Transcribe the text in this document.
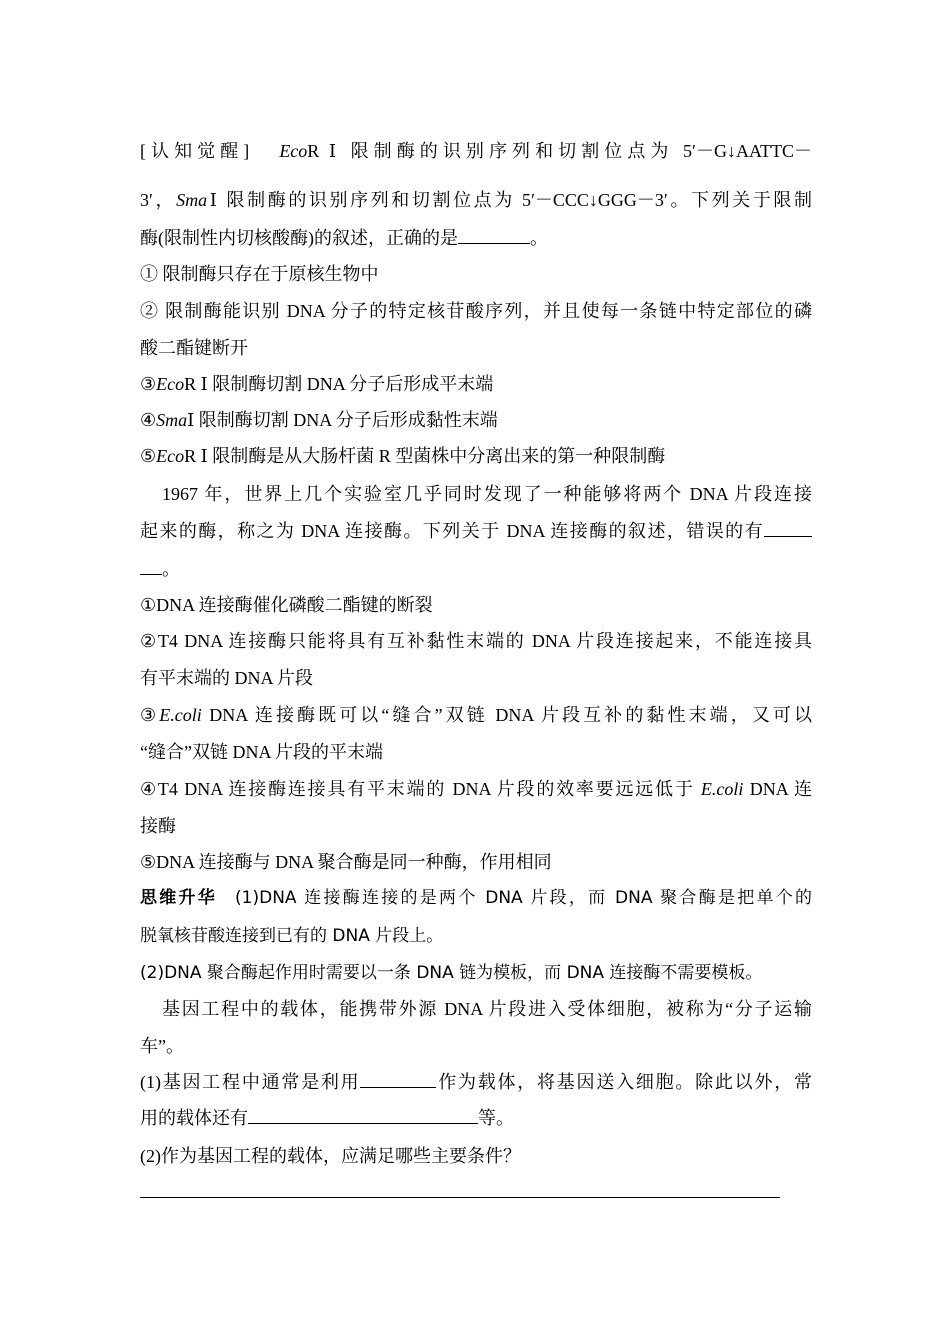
[认知觉醒] EcoR Ⅰ 限制酶的识别序列和切割位点为 5′－G↓AATTC－
3′，SmaⅠ 限制酶的识别序列和切割位点为 5′－CCC↓GGG－3′。下列关于限制
酶(限制性内切核酸酶)的叙述，正确的是	。
① 限制酶只存在于原核生物中
② 限制酶能识别 DNA 分子的特定核苷酸序列，并且使每一条链中特定部位的磷
酸二酯键断开
③EcoR Ⅰ 限制酶切割 DNA 分子后形成平末端
④SmaⅠ 限制酶切割 DNA 分子后形成黏性末端
⑤EcoR Ⅰ 限制酶是从大肠杆菌 R 型菌株中分离出来的第一种限制酶
1967 年，世界上几个实验室几乎同时发现了一种能够将两个 DNA 片段连接
起来的酶，称之为 DNA 连接酶。下列关于 DNA 连接酶的叙述，错误的有
。
①DNA 连接酶催化磷酸二酯键的断裂
②T4 DNA 连接酶只能将具有互补黏性末端的 DNA 片段连接起来，不能连接具
有平末端的 DNA 片段
③E.coli DNA 连接酶既可以“缝合”双链 DNA 片段互补的黏性末端，又可以
“缝合”双链 DNA 片段的平末端
④T4 DNA 连接酶连接具有平末端的 DNA 片段的效率要远远低于 E.coli DNA 连
接酶
⑤DNA 连接酶与 DNA 聚合酶是同一种酶，作用相同
思维升华 (1)DNA 连接酶连接的是两个 DNA 片段，而 DNA 聚合酶是把单个的
脱氧核苷酸连接到已有的 DNA 片段上。
(2)DNA 聚合酶起作用时需要以一条 DNA 链为模板，而 DNA 连接酶不需要模板。
基因工程中的载体，能携带外源 DNA 片段进入受体细胞，被称为“分子运输
车”。
(1)基因工程中通常是利用	作为载体，将基因送入细胞。除此以外，常
用的载体还有	等。
(2)作为基因工程的载体，应满足哪些主要条件？
